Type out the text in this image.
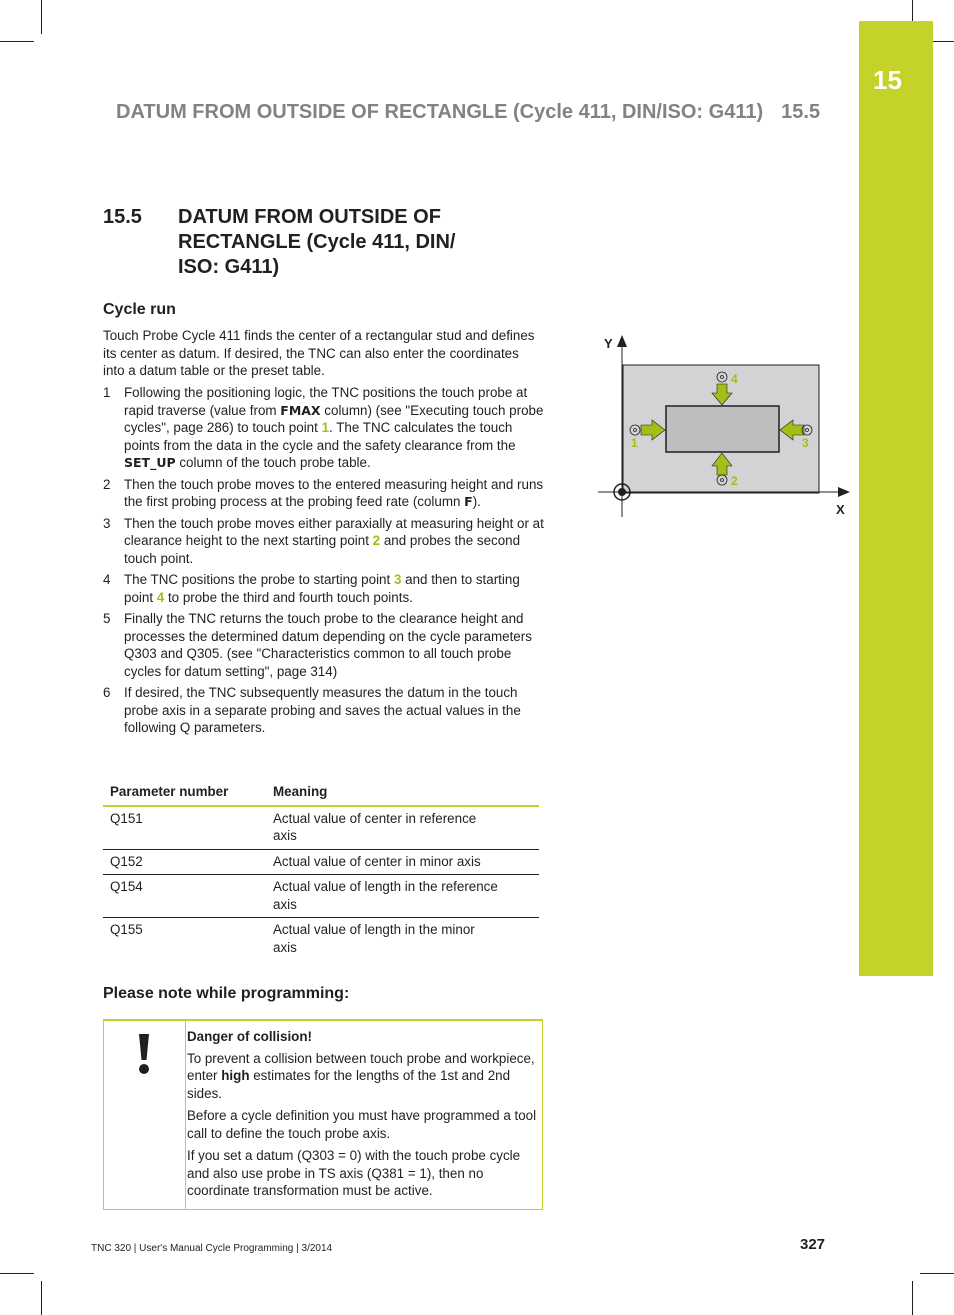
15
DATUM FROM OUTSIDE OF RECTANGLE (Cycle 411, DIN/ISO: G411) 15.5
15.5 DATUM FROM OUTSIDE OF
RECTANGLE (Cycle 411, DIN/
ISO: G411)
Cycle run

Touch Probe Cycle 411 finds the center of a rectangular stud and defines its center as datum. If desired, the TNC can also enter the coordinates into a datum table or the preset table.

1 Following the positioning logic, the TNC positions the touch probe at rapid traverse (value from FMAX column) (see "Executing touch probe cycles", page 286) to touch point 1. The TNC calculates the touch points from the data in the cycle and the safety clearance from the SET_UP column of the touch probe table.
2 Then the touch probe moves to the entered measuring height and runs the first probing process at the probing feed rate (column F).
3 Then the touch probe moves either paraxially at measuring height or at clearance height to the next starting point 2 and probes the second touch point.
4 The TNC positions the probe to starting point 3 and then to starting point 4 to probe the third and fourth touch points.
5 Finally the TNC returns the touch probe to the clearance height and processes the determined datum depending on the cycle parameters Q303 and Q305. (see "Characteristics common to all touch probe cycles for datum setting", page 314)
6 If desired, the TNC subsequently measures the datum in the touch probe axis in a separate probing and saves the actual values in the following Q parameters.
Parameter number	Meaning
Q151	Actual value of center in reference axis
Q152	Actual value of center in minor axis
Q154	Actual value of length in the reference axis
Q155	Actual value of length in the minor axis
Please note while programming:

Danger of collision!

To prevent a collision between touch probe and workpiece, enter high estimates for the lengths of the 1st and 2nd sides.

Before a cycle definition you must have programmed a tool call to define the touch probe axis.

If you set a datum (Q303 = 0) with the touch probe cycle and also use probe in TS axis (Q381 = 1), then no coordinate transformation must be active.

Y
X
1
2
3
4
TNC 320 | User's Manual Cycle Programming | 3/2014	327
